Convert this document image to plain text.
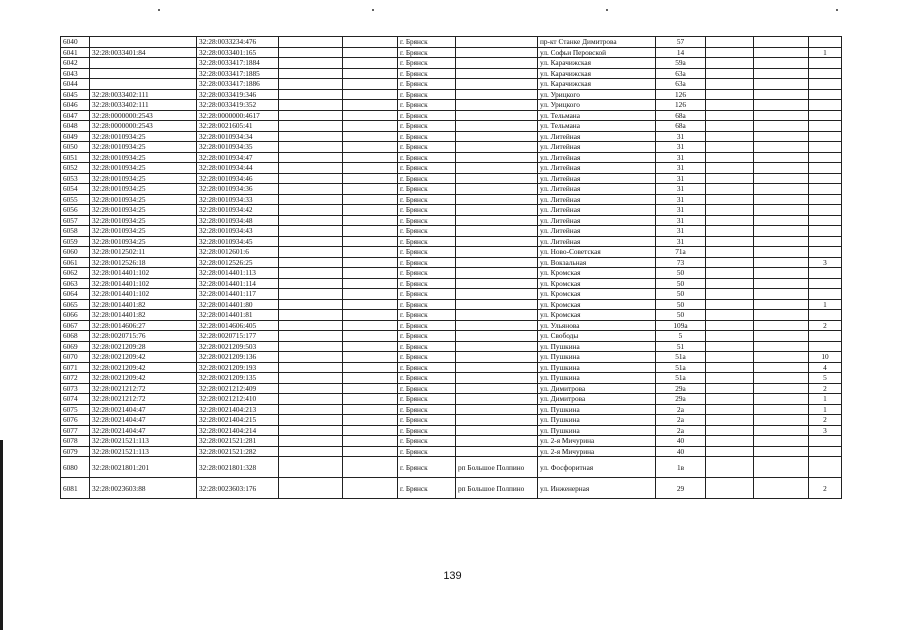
6040		32:28:0033234:476			г. Брянск		пр-кт Станке Димитрова	57			
6041	32:28:0033401:84	32:28:0033401:165			г. Брянск		ул. Софьи Перовской	14			1
6042		32:28:0033417:1884			г. Брянск		ул. Карачижская	59а			
6043		32:28:0033417:1885			г. Брянск		ул. Карачижская	63а			
6044		32:28:0033417:1886			г. Брянск		ул. Карачижская	63а			
6045	32:28:0033402:111	32:28:0033419:346			г. Брянск		ул. Урицкого	126			
6046	32:28:0033402:111	32:28:0033419:352			г. Брянск		ул. Урицкого	126			
6047	32:28:0000000:2543	32:28:0000000:4617			г. Брянск		ул. Тельмана	68а			
6048	32:28:0000000:2543	32:28:0021605:41			г. Брянск		ул. Тельмана	68а			
6049	32:28:0010934:25	32:28:0010934:34			г. Брянск		ул. Литейная	31			
6050	32:28:0010934:25	32:28:0010934:35			г. Брянск		ул. Литейная	31			
6051	32:28:0010934:25	32:28:0010934:47			г. Брянск		ул. Литейная	31			
6052	32:28:0010934:25	32:28:0010934:44			г. Брянск		ул. Литейная	31			
6053	32:28:0010934:25	32:28:0010934:46			г. Брянск		ул. Литейная	31			
6054	32:28:0010934:25	32:28:0010934:36			г. Брянск		ул. Литейная	31			
6055	32:28:0010934:25	32:28:0010934:33			г. Брянск		ул. Литейная	31			
6056	32:28:0010934:25	32:28:0010934:42			г. Брянск		ул. Литейная	31			
6057	32:28:0010934:25	32:28:0010934:48			г. Брянск		ул. Литейная	31			
6058	32:28:0010934:25	32:28:0010934:43			г. Брянск		ул. Литейная	31			
6059	32:28:0010934:25	32:28:0010934:45			г. Брянск		ул. Литейная	31			
6060	32:28:0012502:11	32:28:0012601:6			г. Брянск		ул. Ново-Советская	71а			
6061	32:28:0012526:18	32:28:0012526:25			г. Брянск		ул. Вокзальная	73			3
6062	32:28:0014401:102	32:28:0014401:113			г. Брянск		ул. Кромская	50			
6063	32:28:0014401:102	32:28:0014401:114			г. Брянск		ул. Кромская	50			
6064	32:28:0014401:102	32:28:0014401:117			г. Брянск		ул. Кромская	50			
6065	32:28:0014401:82	32:28:0014401:80			г. Брянск		ул. Кромская	50			1
6066	32:28:0014401:82	32:28:0014401:81			г. Брянск		ул. Кромская	50			
6067	32:28:0014606:27	32:28:0014606:405			г. Брянск		ул. Ульянова	109а			2
6068	32:28:0020715:76	32:28:0020715:177			г. Брянск		ул. Свободы	5			
6069	32:28:0021209:28	32:28:0021209:503			г. Брянск		ул. Пушкина	51			
6070	32:28:0021209:42	32:28:0021209:136			г. Брянск		ул. Пушкина	51а			10
6071	32:28:0021209:42	32:28:0021209:193			г. Брянск		ул. Пушкина	51а			4
6072	32:28:0021209:42	32:28:0021209:135			г. Брянск		ул. Пушкина	51а			5
6073	32:28:0021212:72	32:28:0021212:409			г. Брянск		ул. Димитрова	29а			2
6074	32:28:0021212:72	32:28:0021212:410			г. Брянск		ул. Димитрова	29а			1
6075	32:28:0021404:47	32:28:0021404:213			г. Брянск		ул. Пушкина	2а			1
6076	32:28:0021404:47	32:28:0021404:215			г. Брянск		ул. Пушкина	2а			2
6077	32:28:0021404:47	32:28:0021404:214			г. Брянск		ул. Пушкина	2а			3
6078	32:28:0021521:113	32:28:0021521:281			г. Брянск		ул. 2-я Мичурина	40			
6079	32:28:0021521:113	32:28:0021521:282			г. Брянск		ул. 2-я Мичурина	40			
6080	32:28:0021801:201	32:28:0021801:328			г. Брянск	рп Большое Полпино	ул. Фосфоритная	1в			
6081	32:28:0023603:88	32:28:0023603:176			г. Брянск	рп Большое Полпино	ул. Инженерная	29			2
139
